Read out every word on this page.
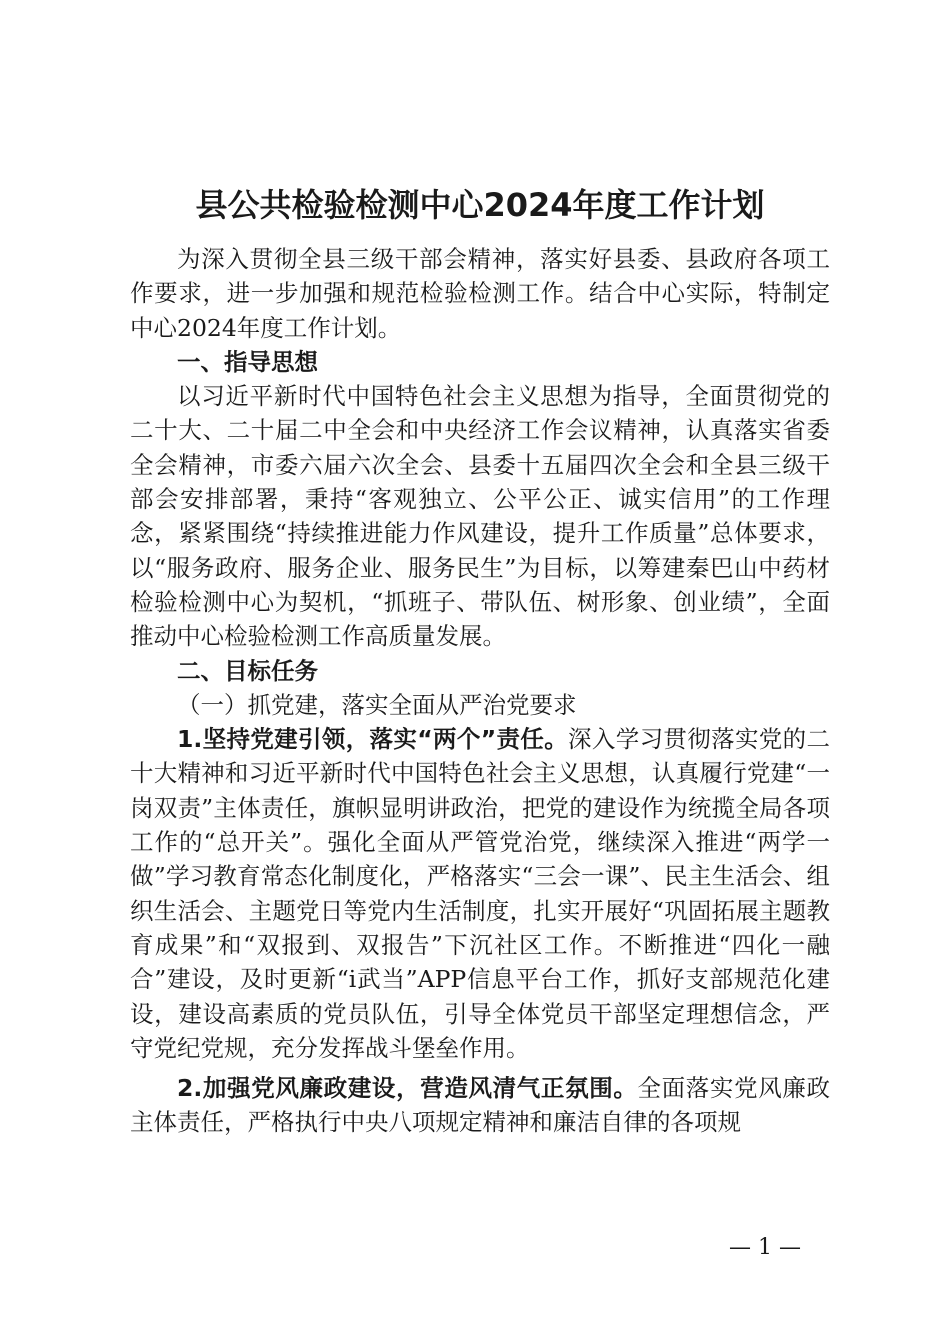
县公共检验检测中心2024年度工作计划

为深入贯彻全县三级干部会精神，落实好县委、县政府各项工作要求，进一步加强和规范检验检测工作。结合中心实际，特制定中心2024年度工作计划。

一、指导思想

以习近平新时代中国特色社会主义思想为指导，全面贯彻党的二十大、二十届二中全会和中央经济工作会议精神，认真落实省委全会精神，市委六届六次全会、县委十五届四次全会和全县三级干部会安排部署，秉持“客观独立、公平公正、诚实信用”的工作理念，紧紧围绕“持续推进能力作风建设，提升工作质量”总体要求，以“服务政府、服务企业、服务民生”为目标，以筹建秦巴山中药材检验检测中心为契机，“抓班子、带队伍、树形象、创业绩”，全面推动中心检验检测工作高质量发展。

二、目标任务

（一）抓党建，落实全面从严治党要求

1.坚持党建引领，落实“两个”责任。深入学习贯彻落实党的二十大精神和习近平新时代中国特色社会主义思想，认真履行党建“一岗双责”主体责任，旗帜显明讲政治，把党的建设作为统揽全局各项工作的“总开关”。强化全面从严管党治党，继续深入推进“两学一做”学习教育常态化制度化，严格落实“三会一课”、民主生活会、组织生活会、主题党日等党内生活制度，扎实开展好“巩固拓展主题教育成果”和“双报到、双报告”下沉社区工作。不断推进“四化一融合”建设，及时更新“i武当”APP信息平台工作，抓好支部规范化建设，建设高素质的党员队伍，引导全体党员干部坚定理想信念，严守党纪党规，充分发挥战斗堡垒作用。

2.加强党风廉政建设，营造风清气正氛围。全面落实党风廉政主体责任，严格执行中央八项规定精神和廉洁自律的各项规

— 1 —
